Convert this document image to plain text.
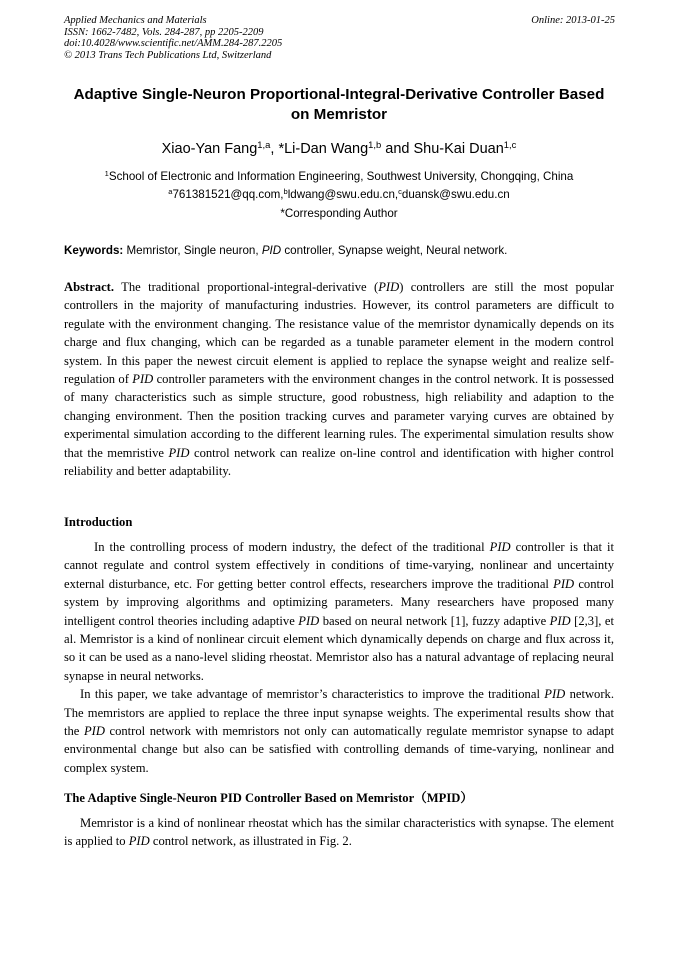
Applied Mechanics and Materials
ISSN: 1662-7482, Vols. 284-287, pp 2205-2209
doi:10.4028/www.scientific.net/AMM.284-287.2205
© 2013 Trans Tech Publications Ltd, Switzerland
Online: 2013-01-25
Adaptive Single-Neuron Proportional-Integral-Derivative Controller Based on Memristor
Xiao-Yan Fang$^{1,a}$, *Li-Dan Wang$^{1,b}$ and Shu-Kai Duan$^{1,c}$
$^1$School of Electronic and Information Engineering, Southwest University, Chongqing, China
$^a$761381521@qq.com,$^b$ldwang@swu.edu.cn,$^c$duansk@swu.edu.cn
*Corresponding Author
Keywords: Memristor, Single neuron, PID controller, Synapse weight, Neural network.

Abstract. The traditional proportional-integral-derivative (PID) controllers are still the most popular controllers in the majority of manufacturing industries. However, its control parameters are difficult to regulate with the environment changing. The resistance value of the memristor dynamically depends on its charge and flux changing, which can be regarded as a tunable parameter element in the modern control system. In this paper the newest circuit element is applied to replace the synapse weight and realize self-regulation of PID controller parameters with the environment changes in the control network. It is possessed of many characteristics such as simple structure, good robustness, high reliability and adaption to the changing environment. Then the position tracking curves and parameter varying curves are obtained by experimental simulation according to the different learning rules. The experimental simulation results show that the memristive PID control network can realize on-line control and identification with higher control reliability and better adaptability.

Introduction

In the controlling process of modern industry, the defect of the traditional PID controller is that it cannot regulate and control system effectively in conditions of time-varying, nonlinear and uncertainty external disturbance, etc. For getting better control effects, researchers improve the traditional PID control system by improving algorithms and optimizing parameters. Many researchers have proposed many intelligent control theories including adaptive PID based on neural network [1], fuzzy adaptive PID [2,3], et al. Memristor is a kind of nonlinear circuit element which dynamically depends on charge and flux across it, so it can be used as a nano-level sliding rheostat. Memristor also has a natural advantage of replacing neural synapse in neural networks.

In this paper, we take advantage of memristor’s characteristics to improve the traditional PID network. The memristors are applied to replace the three input synapse weights. The experimental results show that the PID control network with memristors not only can automatically regulate memristor synapse to adapt environmental change but also can be satisfied with controlling demands of time-varying, nonlinear and complex system.

The Adaptive Single-Neuron PID Controller Based on Memristor（MPID）

Memristor is a kind of nonlinear rheostat which has the similar characteristics with synapse. The element is applied to PID control network, as illustrated in Fig. 2.
